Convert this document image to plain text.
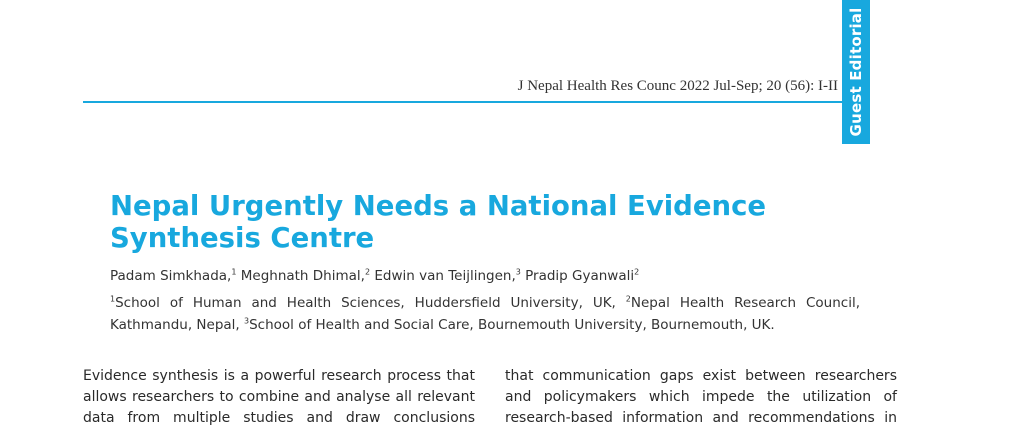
J Nepal Health Res Counc 2022 Jul-Sep; 20 (56): I-II Guest Editorial
Nepal Urgently Needs a National Evidence Synthesis Centre

Padam Simkhada,$^1$ Meghnath Dhimal,$^2$ Edwin van Teijlingen,$^3$ Pradip Gyanwali$^2$

$^1$School of Human and Health Sciences, Huddersfield University, UK, $^2$Nepal Health Research Council, Kathmandu, Nepal, $^3$School of Health and Social Care, Bournemouth University, Bournemouth, UK.

Evidence synthesis is a powerful research process that
allows researchers to combine and analyse all relevant
data from multiple studies and draw conclusions
that communication gaps exist between researchers
and policymakers which impede the utilization of
research-based information and recommendations in
